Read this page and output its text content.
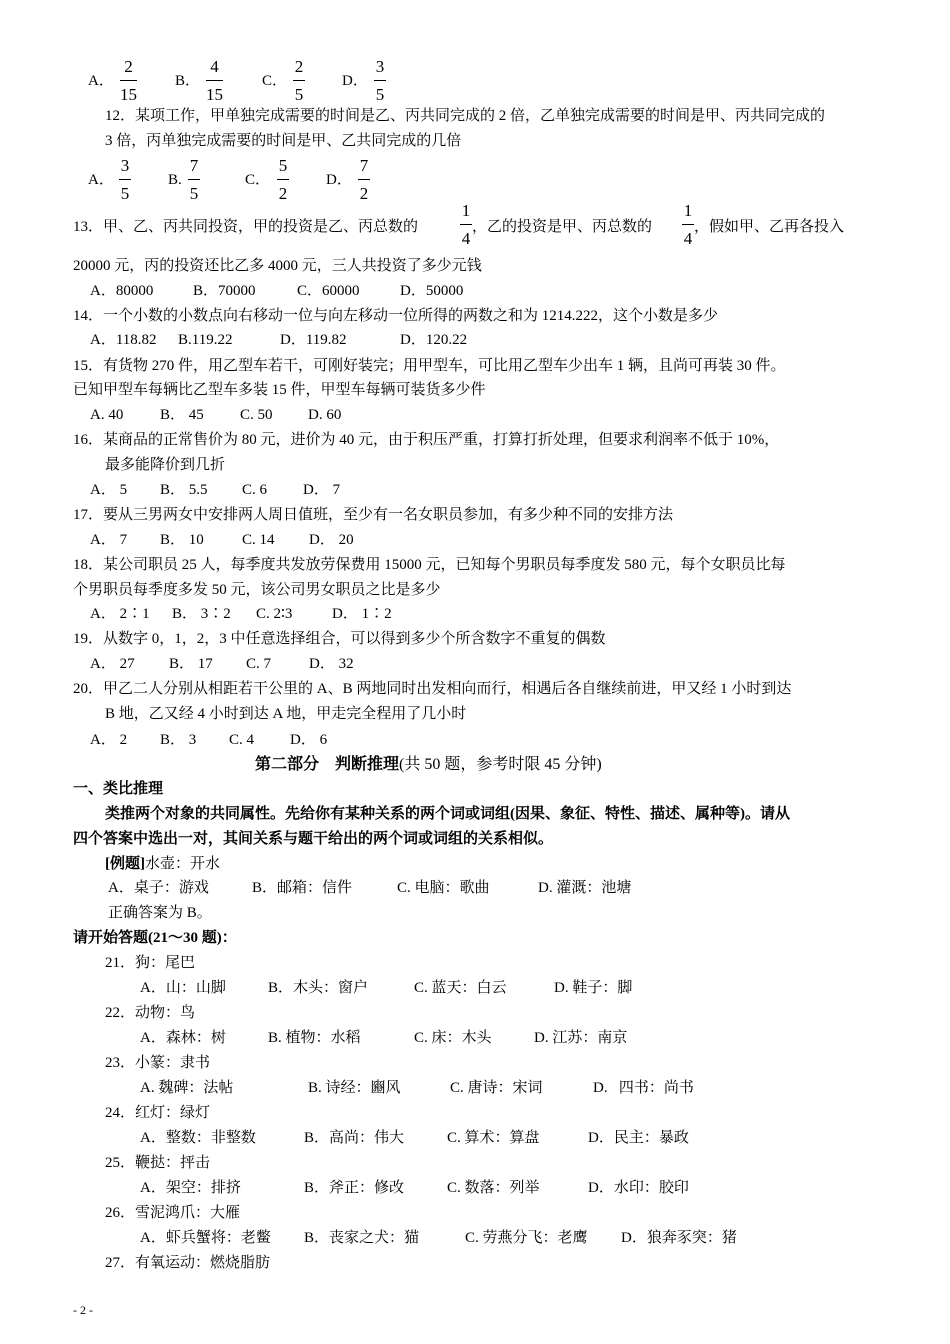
A．
2
15
B．
4
15
C．
2
5
D．
3
5
12．某项工作，甲单独完成需要的时间是乙、丙共同完成的 2 倍，乙单独完成需要的时间是甲、丙共同完成的
3 倍，丙单独完成需要的时间是甲、乙共同完成的几倍
A．
3
5
B.
7
5
C．
5
2
D．
7
2
13．甲、乙、丙共同投资，甲的投资是乙、丙总数的
1
4
，乙的投资是甲、丙总数的
1
4
，假如甲、乙再各投入
20000 元，丙的投资还比乙多 4000 元，三人共投资了多少元钱
A．80000	B．70000	C．60000	D．50000
14．一个小数的小数点向右移动一位与向左移动一位所得的两数之和为 1214.222，这个小数是多少
A．118.82 B.119.22	D．119.82	D．120.22
15．有货物 270 件，用乙型车若干，可刚好装完；用甲型车，可比用乙型车少出车 1 辆，且尚可再装 30 件。
已知甲型车每辆比乙型车多装 15 件，甲型车每辆可装货多少件
A. 40 B． 45 C. 50 D. 60
16．某商品的正常售价为 80 元，进价为 40 元，由于积压严重，打算打折处理，但要求利润率不低于 10%，
最多能降价到几折
A． 5 B． 5.5 C. 6 D． 7
17．要从三男两女中安排两人周日值班，至少有一名女职员参加，有多少种不同的安排方法
A． 7 B． 10	C. 14 D． 20
18．某公司职员 25 人，每季度共发放劳保费用 15000 元，已知每个男职员每季度发 580 元，每个女职员比每
个男职员每季度多发 50 元，该公司男女职员之比是多少
A． 2∶1 B． 3∶2 C. 2∶3	D． 1∶2
19．从数字 0，1，2，3 中任意选择组合，可以得到多少个所含数字不重复的偶数
A． 27 B． 17 C. 7	D． 32
20．甲乙二人分别从相距若干公里的 A、B 两地同时出发相向而行，相遇后各自继续前进，甲又经 1 小时到达
B 地，乙又经 4 小时到达 A 地，甲走完全程用了几小时
A． 2 B． 3 C. 4 D． 6
21．狗：尾巴
A．山：山脚	B．木头：窗户	C. 蓝天：白云	D. 鞋子：脚
22．动物：鸟
A．森林：树	B. 植物：水稻	C. 床：木头	D. 江苏：南京
23．小篆：隶书
A. 魏碑：法帖	B. 诗经：豳风	C. 唐诗：宋词	D.   四书：尚书
24．红灯：绿灯
A．整数：非整数	B．高尚：伟大	C. 算术：算盘	D．民主：暴政
25．鞭挞：抨击
A．架空：排挤	B．斧正：修改	C. 数落：列举	D．水印：胶印
26．雪泥鸿爪：大雁
A．虾兵蟹将：老鳖 B．丧家之犬：猫	C. 劳燕分飞：老鹰 D．狼奔豕突：猪
27．有氧运动：燃烧脂肪
第二部分　判断推理(共 50 题，参考时限 45 分钟)
一、类比推理
类推两个对象的共同属性。先给你有某种关系的两个词或词组(因果、象征、特性、描述、属种等)。请从
四个答案中选出一对，其间关系与题干给出的两个词或词组的关系相似。
[例题]水壶：开水
A．桌子：游戏	B．邮箱：信件	C. 电脑：歌曲	D. 灌溉：池塘
正确答案为 B。
请开始答题(21～30 题)：
- 2 -
